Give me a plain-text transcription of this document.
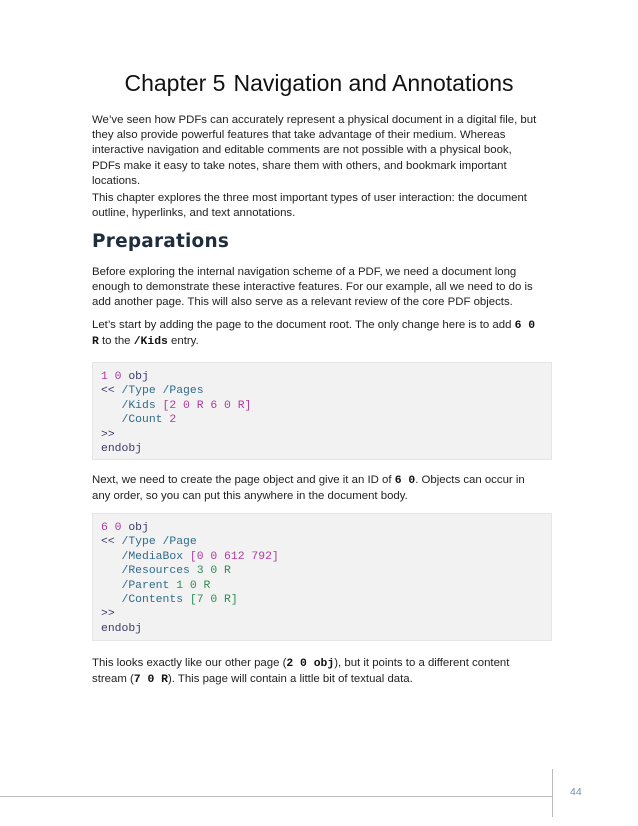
Chapter 5 Navigation and Annotations
We’ve seen how PDFs can accurately represent a physical document in a digital file, but
they also provide powerful features that take advantage of their medium. Whereas
interactive navigation and editable comments are not possible with a physical book,
PDFs make it easy to take notes, share them with others, and bookmark important
locations.
This chapter explores the three most important types of user interaction: the document
outline, hyperlinks, and text annotations.
Preparations
Before exploring the internal navigation scheme of a PDF, we need a document long
enough to demonstrate these interactive features. For our example, all we need to do is
add another page. This will also serve as a relevant review of the core PDF objects.
Let’s start by adding the page to the document root. The only change here is to add 6 0
R to the /Kids entry.
1 0 obj
<< /Type /Pages
/Kids [2 0 R 6 0 R]
/Count 2
>>
endobj
Next, we need to create the page object and give it an ID of 6 0. Objects can occur in
any order, so you can put this anywhere in the document body.
6 0 obj
<< /Type /Page
/MediaBox [0 0 612 792]
/Resources 3 0 R
/Parent 1 0 R
/Contents [7 0 R]
>>
endobj
This looks exactly like our other page (2 0 obj), but it points to a different content
stream (7 0 R). This page will contain a little bit of textual data.
44
